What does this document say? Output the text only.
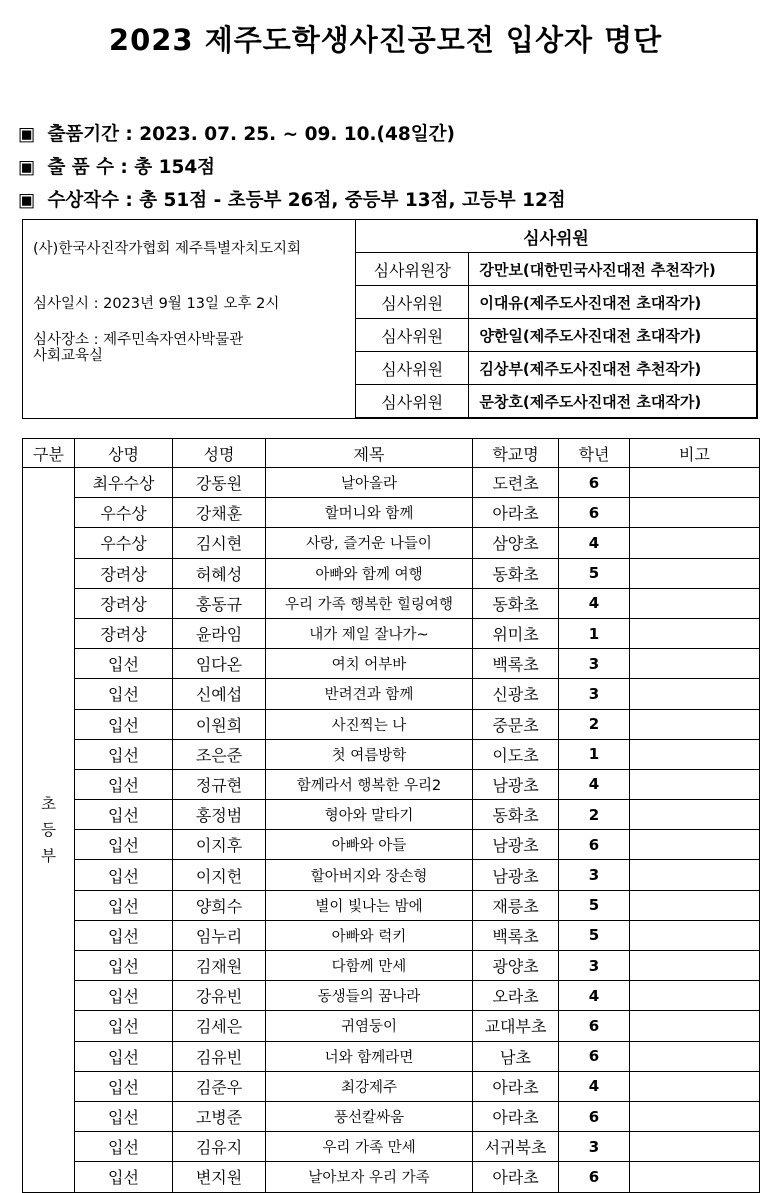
2023 제주도학생사진공모전 입상자 명단
▣ 출품기간 : 2023. 07. 25. ~ 09. 10.(48일간)
▣ 출 품 수 : 총 154점
▣ 수상작수 : 총 51점 - 초등부 26점, 중등부 13점, 고등부 12점
(사)한국사진작가협회 제주특별자치도지회
심사일시 : 2023년 9월 13일 오후 2시
심사장소 : 제주민속자연사박물관
사회교육실
심사위원	
심사위원장	강만보(대한민국사진대전 추천작가)
심사위원	이대유(제주도사진대전 초대작가)
심사위원	양한일(제주도사진대전 초대작가)
심사위원	김상부(제주도사진대전 추천작가)
심사위원	문창호(제주도사진대전 초대작가)
구분	상명	성명	제목	학교명	학년	비고

초
등
부	최우수상	강동원	날아올라	도련초	6	
	우수상	강채훈	할머니와 함께	아라초	6	
	우수상	김시현	사랑, 즐거운 나들이	삼양초	4	
	장려상	허혜성	아빠와 함께 여행	동화초	5	
	장려상	홍동규	우리 가족 행복한 힐링여행	동화초	4	
	장려상	윤라임	내가 제일 잘나가~	위미초	1	
	입선	임다온	여치 어부바	백록초	3	
	입선	신예섭	반려견과 함께	신광초	3	
	입선	이원희	사진찍는 나	중문초	2	
	입선	조은준	첫 여름방학	이도초	1	
	입선	정규현	함께라서 행복한 우리2	남광초	4	
	입선	홍정범	형아와 말타기	동화초	2	
	입선	이지후	아빠와 아들	남광초	6	
	입선	이지헌	할아버지와 장손형	남광초	3	
	입선	양희수	별이 빛나는 밤에	재릉초	5	
	입선	임누리	아빠와 럭키	백록초	5	
	입선	김재원	다함께 만세	광양초	3	
	입선	강유빈	동생들의 꿈나라	오라초	4	
	입선	김세은	귀염둥이	교대부초	6	
	입선	김유빈	너와 함께라면	남초	6	
	입선	김준우	최강제주	아라초	4	
	입선	고병준	풍선칼싸움	아라초	6	
	입선	김유지	우리 가족 만세	서귀북초	3	
	입선	변지원	날아보자 우리 가족	아라초	6	
